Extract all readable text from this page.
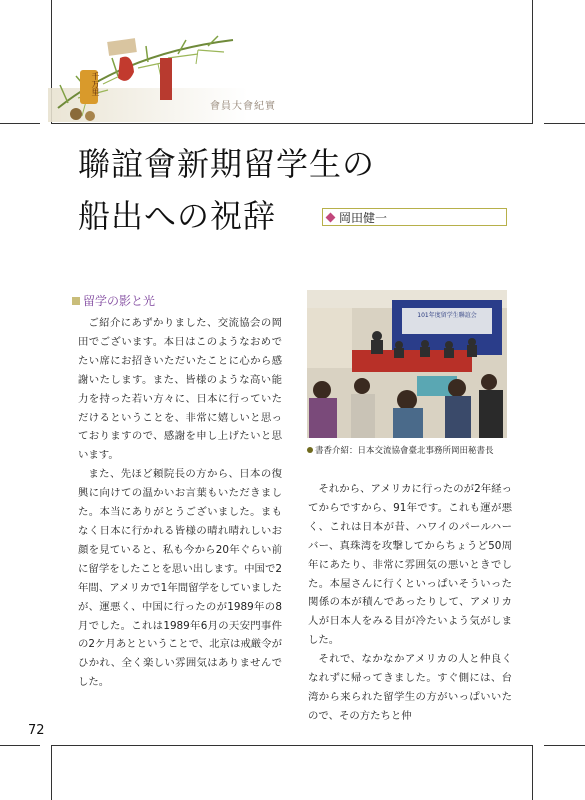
千万里
會員大會紀實
聯誼會新期留学生の
船出への祝辞	岡田健一
留学の影と光

ご紹介にあずかりました、交流協会の岡田でございます。本日はこのようなおめでたい席にお招きいただいたことに心から感謝いたします。また、皆様のような高い能力を持った若い方々に、日本に行っていただけるということを、非常に嬉しいと思っておりますので、感謝を申し上げたいと思います。

また、先ほど頼院長の方から、日本の復興に向けての温かいお言葉もいただきました。本当にありがとうございました。まもなく日本に行かれる皆様の晴れ晴れしいお顔を見ていると、私も今から20年ぐらい前に留学をしたことを思い出します。中国で2年間、アメリカで1年間留学をしていましたが、運悪く、中国に行ったのが1989年の8月でした。これは1989年6月の天安門事件の2ケ月あとということで、北京は戒厳令がひかれ、全く楽しい雰囲気はありませんでした。

101年度留学生聯誼会
書香介紹：日本交流協會臺北事務所岡田秘書長

それから、アメリカに行ったのが2年経ってからですから、91年です。これも運が悪く、これは日本が昔、ハワイのパールハーバー、真珠湾を攻撃してからちょうど50周年にあたり、非常に雰囲気の悪いときでした。本屋さんに行くといっぱいそういった関係の本が積んであったりして、アメリカ人が日本人をみる目が冷たいよう気がしました。

それで、なかなかアメリカの人と仲良くなれずに帰ってきました。すぐ側には、台湾から来られた留学生の方がいっぱいいたので、その方たちと仲

72
